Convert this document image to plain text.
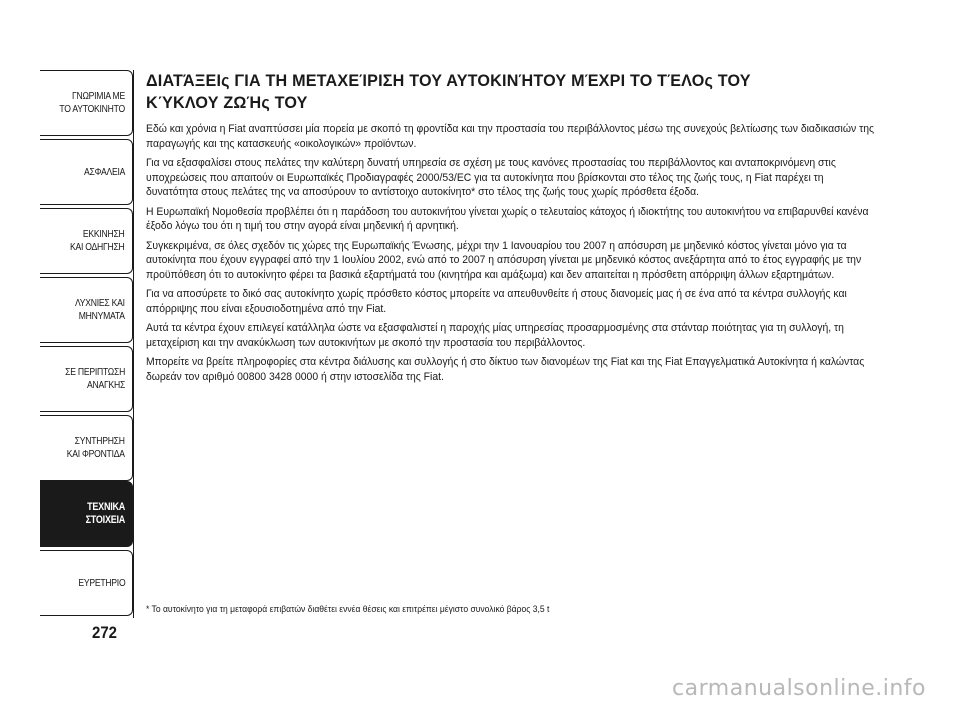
ΓΝΩΡΙΜΙΑ ΜΕ
ΤΟ ΑΥΤΟΚΙΝΗΤΟ
ΑΣΦΑΛΕΙΑ
ΕΚΚΙΝΗΣΗ
ΚΑΙ ΟΔΗΓΗΣΗ
ΛΥΧΝΙΕΣ ΚΑΙ
ΜΗΝΥΜΑΤΑ
ΣΕ ΠΕΡΙΠΤΩΣΗ
ΑΝΑΓΚΗΣ
ΣΥΝΤΗΡΗΣΗ
ΚΑΙ ΦΡΟΝΤΙΔΑ
ΤΕΧΝΙΚΑ
ΣΤΟΙΧΕΙΑ
ΕΥΡΕΤΗΡΙΟ
272
ΔΙΑΤΆΞΕΙς ΓΙΑ ΤΗ ΜΕΤΑΧΕΊΡΙΣΗ ΤΟΥ ΑΥΤΟΚΙΝΉΤΟΥ ΜΈΧΡΙ ΤΟ ΤΈΛΟς ΤΟΥ
ΚΎΚΛΟΥ ΖΩΉς ΤΟΥ

Εδώ και χρόνια η Fiat αναπτύσσει μία πορεία με σκοπό τη φροντίδα και την προστασία του περιβάλλοντος μέσω της συνεχούς βελτίωσης των διαδικασιών της παραγωγής και της κατασκευής «οικολογικών» προϊόντων.

Για να εξασφαλίσει στους πελάτες την καλύτερη δυνατή υπηρεσία σε σχέση με τους κανόνες προστασίας του περιβάλλοντος και ανταποκρινόμενη στις υποχρεώσεις που απαιτούν οι Ευρωπαϊκές Προδιαγραφές 2000/53/EC για τα αυτοκίνητα που βρίσκονται στο τέλος της ζωής τους, η Fiat παρέχει τη δυνατότητα στους πελάτες της να αποσύρουν το αντίστοιχο αυτοκίνητο* στο τέλος της ζωής τους χωρίς πρόσθετα έξοδα.

Η Ευρωπαϊκή Νομοθεσία προβλέπει ότι η παράδοση του αυτοκινήτου γίνεται χωρίς ο τελευταίος κάτοχος ή ιδιοκτήτης του αυτοκινήτου να επιβαρυνθεί κανένα έξοδο λόγω του ότι η τιμή του στην αγορά είναι μηδενική ή αρνητική.

Συγκεκριμένα, σε όλες σχεδόν τις χώρες της Ευρωπαϊκής Ένωσης, μέχρι την 1 Ιανουαρίου του 2007 η απόσυρση με μηδενικό κόστος γίνεται μόνο για τα αυτοκίνητα που έχουν εγγραφεί από την 1 Ιουλίου 2002, ενώ από το 2007 η απόσυρση γίνεται με μηδενικό κόστος ανεξάρτητα από το έτος εγγραφής με την προϋπόθεση ότι το αυτοκίνητο φέρει τα βασικά εξαρτήματά του (κινητήρα και αμάξωμα) και δεν απαιτείται η πρόσθετη απόρριψη άλλων εξαρτημάτων.

Για να αποσύρετε το δικό σας αυτοκίνητο χωρίς πρόσθετο κόστος μπορείτε να απευθυνθείτε ή στους διανομείς μας ή σε ένα από τα κέντρα συλλογής και απόρριψης που είναι εξουσιοδοτημένα από την Fiat.

Αυτά τα κέντρα έχουν επιλεγεί κατάλληλα ώστε να εξασφαλιστεί η παροχής μίας υπηρεσίας προσαρμοσμένης στα στάνταρ ποιότητας για τη συλλογή, τη μεταχείριση και την ανακύκλωση των αυτοκινήτων με σκοπό την προστασία του περιβάλλοντος.

Μπορείτε να βρείτε πληροφορίες στα κέντρα διάλυσης και συλλογής ή στο δίκτυο των διανομέων της Fiat και της Fiat Επαγγελματικά Αυτοκίνητα ή καλώντας δωρεάν τον αριθμό 00800 3428 0000 ή στην ιστοσελίδα της Fiat.

* Το αυτοκίνητο για τη μεταφορά επιβατών διαθέτει εννέα θέσεις και επιτρέπει μέγιστο συνολικό βάρος 3,5 t
carmanualsonline.info
